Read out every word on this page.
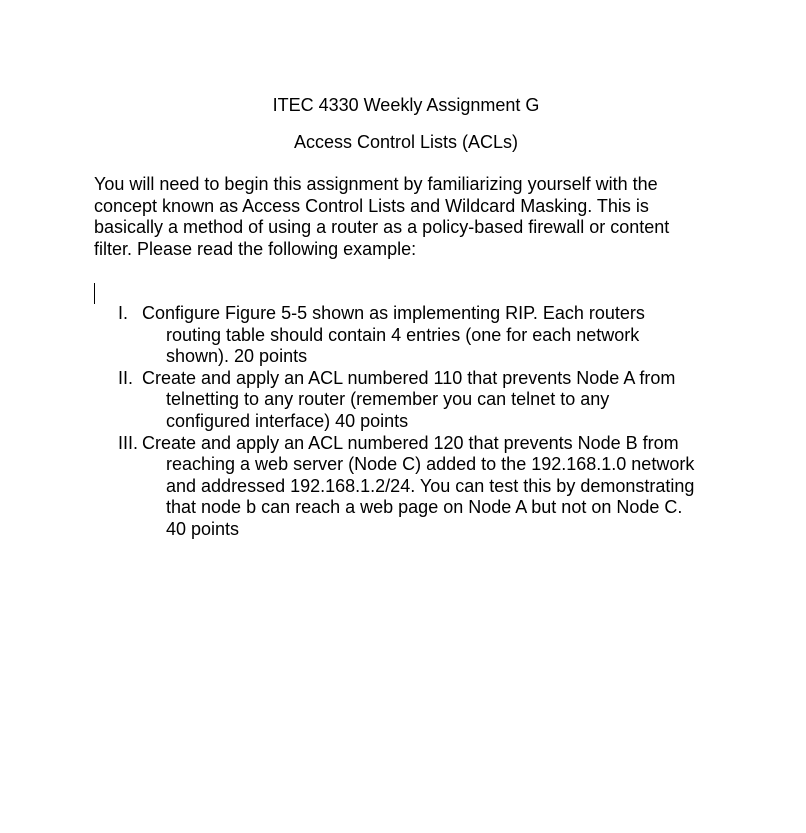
ITEC 4330 Weekly Assignment G
Access Control Lists (ACLs)
You will need to begin this assignment by familiarizing yourself with the
concept known as Access Control Lists and Wildcard Masking. This is
basically a method of using a router as a policy-based firewall or content
filter. Please read the following example:
I. Configure Figure 5-5 shown as implementing RIP. Each routers
routing table should contain 4 entries (one for each network
shown). 20 points
II. Create and apply an ACL numbered 110 that prevents Node A from
telnetting to any router (remember you can telnet to any
configured interface) 40 points
III. Create and apply an ACL numbered 120 that prevents Node B from
reaching a web server (Node C) added to the 192.168.1.0 network
and addressed 192.168.1.2/24. You can test this by demonstrating
that node b can reach a web page on Node A but not on Node C.
40 points
